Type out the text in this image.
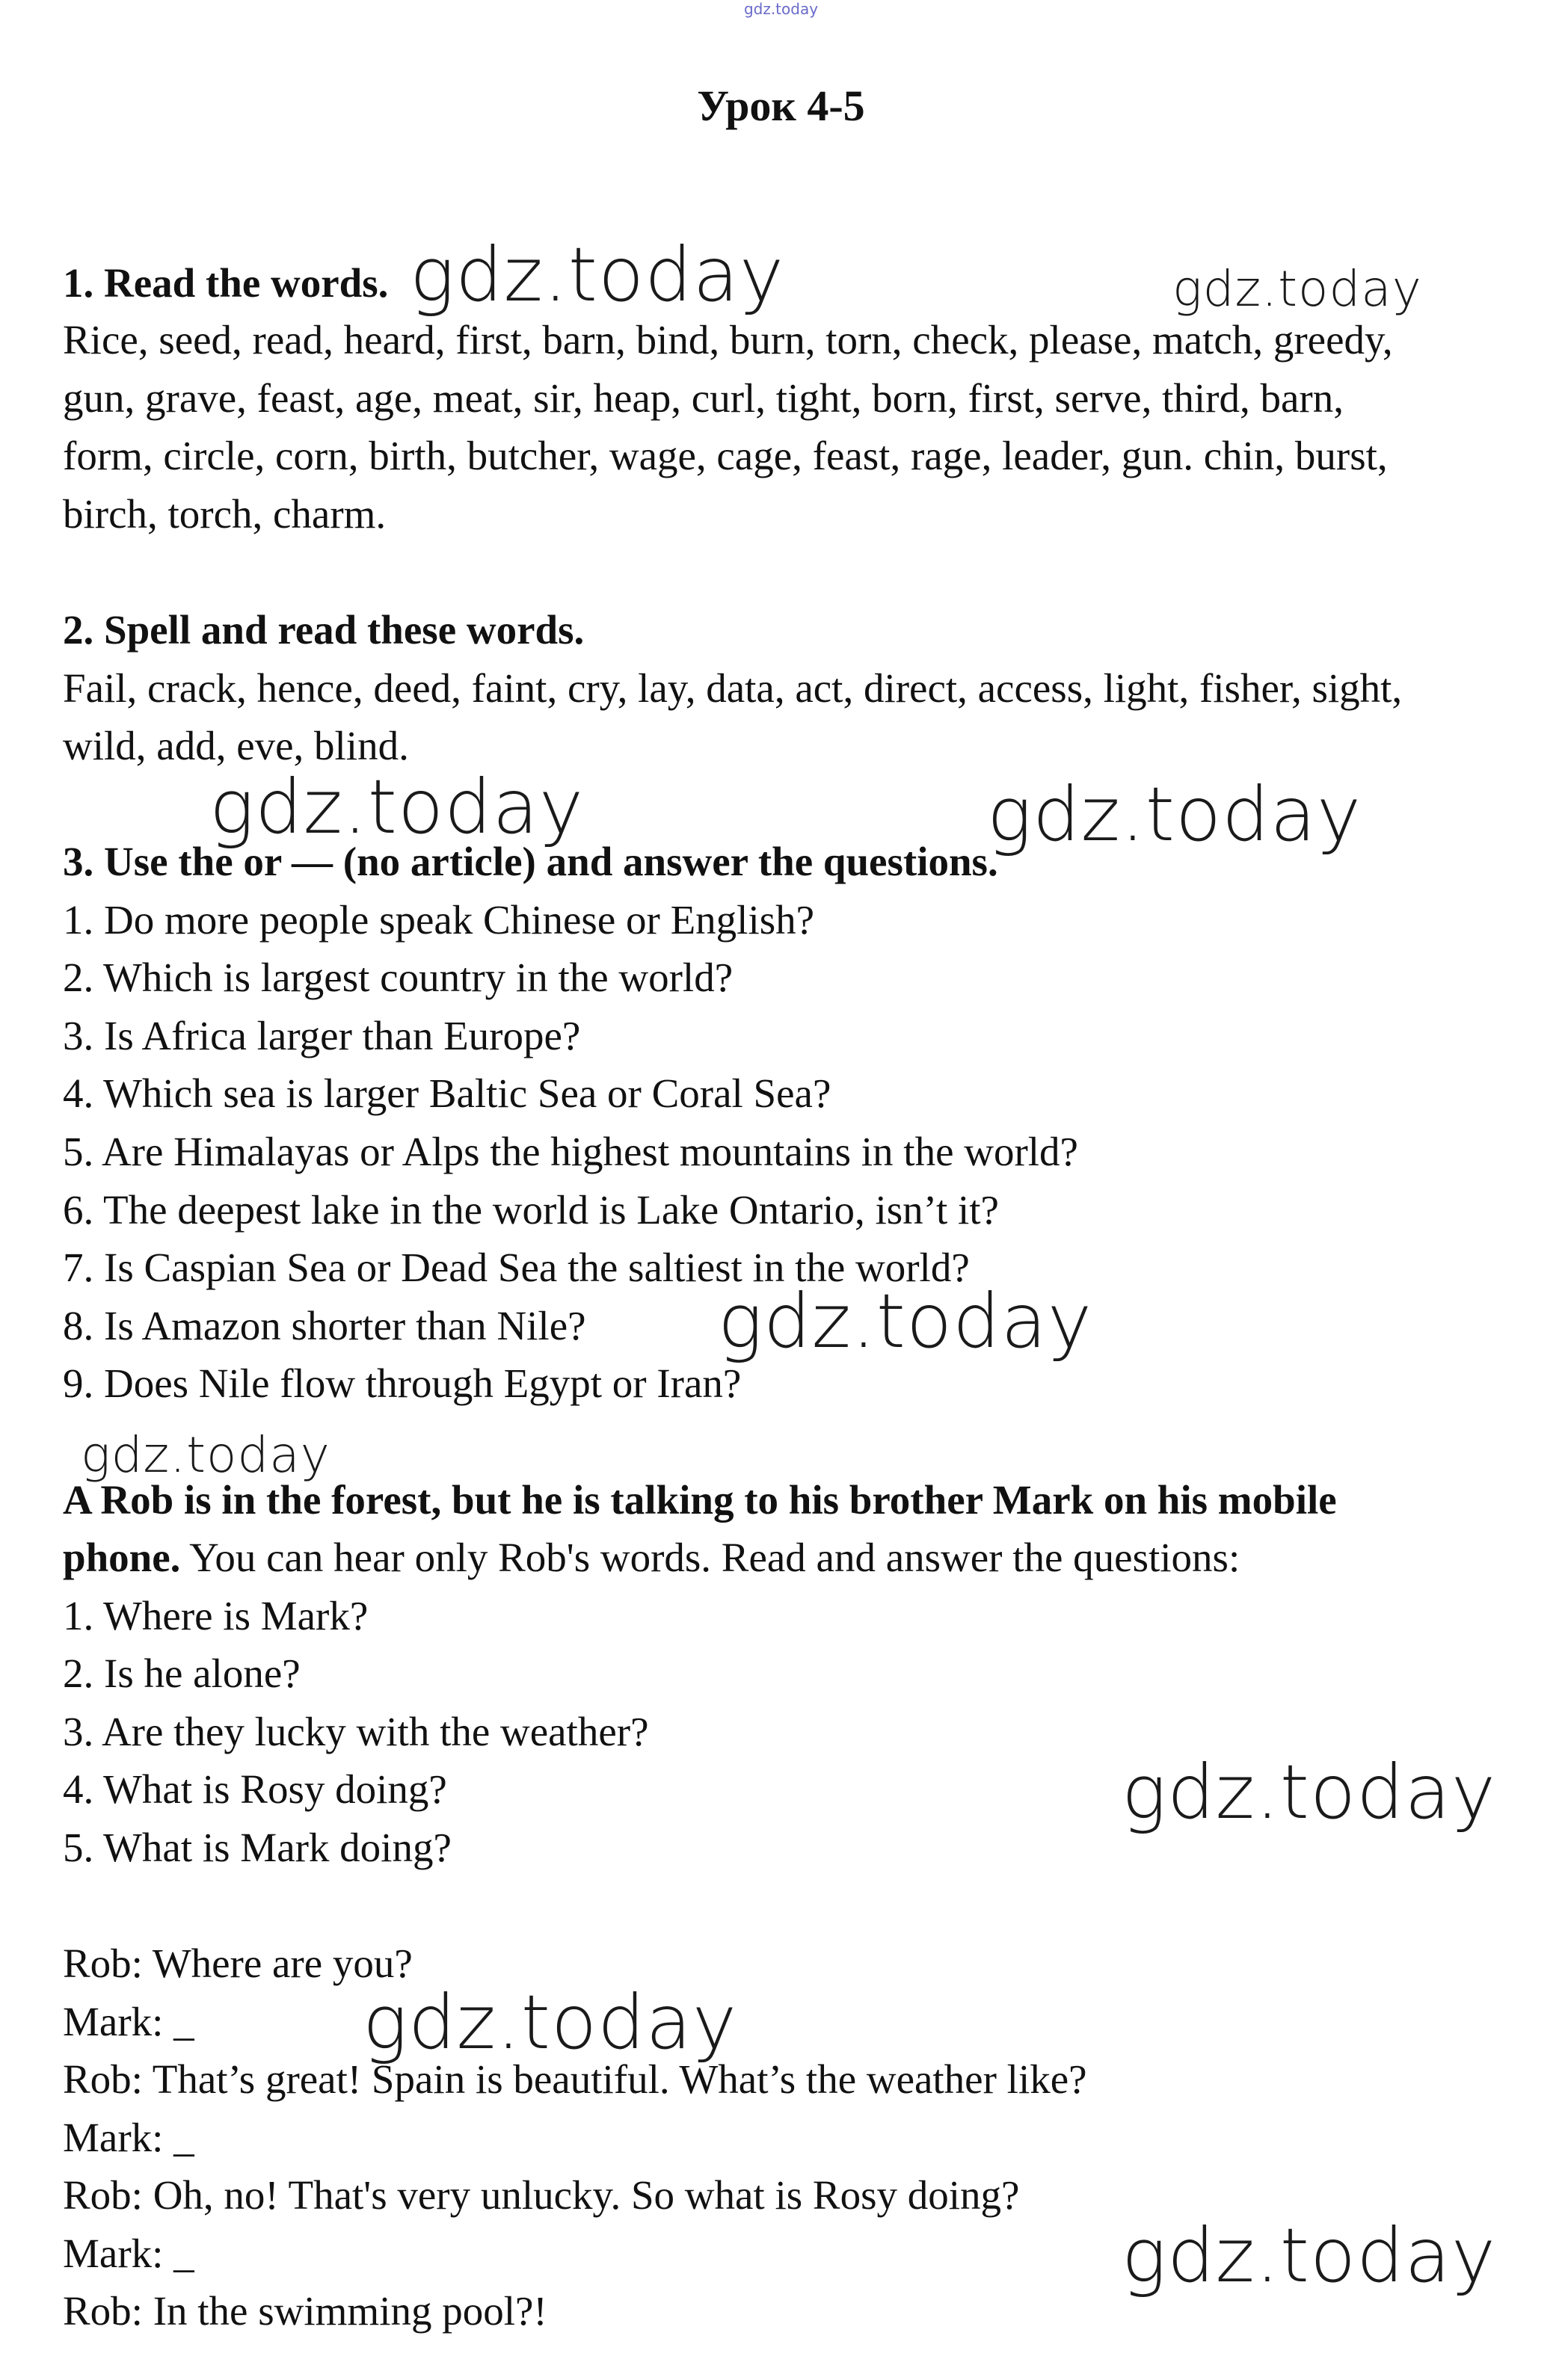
gdz.today
Урок 4-5
1. Read the words.
Rice, seed, read, heard, first, barn, bind, burn, torn, check, please, match, greedy,
gun, grave, feast, age, meat, sir, heap, curl, tight, born, first, serve, third, barn,
form, circle, corn, birth, butcher, wage, cage, feast, rage, leader, gun. chin, burst,
birch, torch, charm.
2. Spell and read these words.
Fail, crack, hence, deed, faint, cry, lay, data, act, direct, access, light, fisher, sight,
wild, add, eve, blind.
3. Use the or — (no article) and answer the questions.
1. Do more people speak Chinese or English?
2. Which is largest country in the world?
3. Is Africa larger than Europe?
4. Which sea is larger Baltic Sea or Coral Sea?
5. Are Himalayas or Alps the highest mountains in the world?
6. The deepest lake in the world is Lake Ontario, isn’t it?
7. Is Caspian Sea or Dead Sea the saltiest in the world?
8. Is Amazon shorter than Nile?
9. Does Nile flow through Egypt or Iran?
A Rob is in the forest, but he is talking to his brother Mark on his mobile
phone. You can hear only Rob's words. Read and answer the questions:
1. Where is Mark?
2. Is he alone?
3. Are they lucky with the weather?
4. What is Rosy doing?
5. What is Mark doing?
Rob: Where are you?
Mark: _
Rob: That’s great! Spain is beautiful. What’s the weather like?
Mark: _
Rob: Oh, no! That's very unlucky. So what is Rosy doing?
Mark: _
Rob: In the swimming pool?!
gdz.today	gdz.today
gdz.today	gdz.today
gdz.today
gdz.today
gdz.today
gdz.today
gdz.today
